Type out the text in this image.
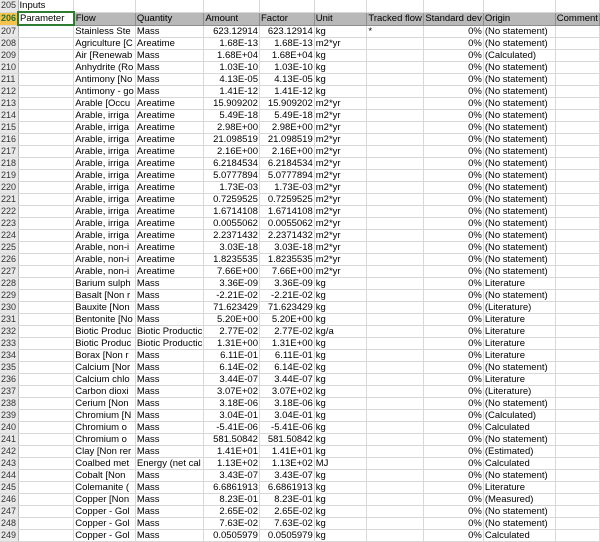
205	Inputs									
206	Parameter	Flow	Quantity	Amount	Factor	Unit	Tracked flow	Standard dev	Origin	Comment
207		Stainless Ste	Mass	623.12914	623.12914	kg	*	0%	(No statement)	
208		Agriculture [C	Areatime	1.68E-13	1.68E-13	m2*yr		0%	(No statement)	
209		Air [Renewab	Mass	1.68E+04	1.68E+04	kg		0%	(Calculated)	
210		Anhydrite (Ro	Mass	1.03E-10	1.03E-10	kg		0%	(No statement)	
211		Antimony [No	Mass	4.13E-05	4.13E-05	kg		0%	(No statement)	
212		Antimony - go	Mass	1.41E-12	1.41E-12	kg		0%	(No statement)	
213		Arable [Occu	Areatime	15.909202	15.909202	m2*yr		0%	(No statement)	
214		Arable, irriga	Areatime	5.49E-18	5.49E-18	m2*yr		0%	(No statement)	
215		Arable, irriga	Areatime	2.98E+00	2.98E+00	m2*yr		0%	(No statement)	
216		Arable, irriga	Areatime	21.098519	21.098519	m2*yr		0%	(No statement)	
217		Arable, irriga	Areatime	2.16E+00	2.16E+00	m2*yr		0%	(No statement)	
218		Arable, irriga	Areatime	6.2184534	6.2184534	m2*yr		0%	(No statement)	
219		Arable, irriga	Areatime	5.0777894	5.0777894	m2*yr		0%	(No statement)	
220		Arable, irriga	Areatime	1.73E-03	1.73E-03	m2*yr		0%	(No statement)	
221		Arable, irriga	Areatime	0.7259525	0.7259525	m2*yr		0%	(No statement)	
222		Arable, irriga	Areatime	1.6714108	1.6714108	m2*yr		0%	(No statement)	
223		Arable, irriga	Areatime	0.0055062	0.0055062	m2*yr		0%	(No statement)	
224		Arable, irriga	Areatime	2.2371432	2.2371432	m2*yr		0%	(No statement)	
225		Arable, non-i	Areatime	3.03E-18	3.03E-18	m2*yr		0%	(No statement)	
226		Arable, non-i	Areatime	1.8235535	1.8235535	m2*yr		0%	(No statement)	
227		Arable, non-i	Areatime	7.66E+00	7.66E+00	m2*yr		0%	(No statement)	
228		Barium sulph	Mass	3.36E-09	3.36E-09	kg		0%	Literature	
229		Basalt [Non r	Mass	-2.21E-02	-2.21E-02	kg		0%	(No statement)	
230		Bauxite [Non	Mass	71.623429	71.623429	kg		0%	(Literature)	
231		Bentonite [No	Mass	5.20E+00	5.20E+00	kg		0%	Literature	
232		Biotic Produc	Biotic Productic	2.77E-02	2.77E-02	kg/a		0%	Literature	
233		Biotic Produc	Biotic Productic	1.31E+00	1.31E+00	kg		0%	Literature	
234		Borax [Non r	Mass	6.11E-01	6.11E-01	kg		0%	Literature	
235		Calcium [Nor	Mass	6.14E-02	6.14E-02	kg		0%	(No statement)	
236		Calcium chlo	Mass	3.44E-07	3.44E-07	kg		0%	Literature	
237		Carbon dioxi	Mass	3.07E+02	3.07E+02	kg		0%	(Literature)	
238		Cerium [Non	Mass	3.18E-06	3.18E-06	kg		0%	(No statement)	
239		Chromium [N	Mass	3.04E-01	3.04E-01	kg		0%	(Calculated)	
240		Chromium o	Mass	-5.41E-06	-5.41E-06	kg		0%	Calculated	
241		Chromium o	Mass	581.50842	581.50842	kg		0%	(No statement)	
242		Clay [Non rer	Mass	1.41E+01	1.41E+01	kg		0%	(Estimated)	
243		Coalbed met	Energy (net cal	1.13E+02	1.13E+02	MJ		0%	Calculated	
244		Cobalt [Non	Mass	3.43E-07	3.43E-07	kg		0%	(No statement)	
245		Colemanite (	Mass	6.6861913	6.6861913	kg		0%	Literature	
246		Copper [Non	Mass	8.23E-01	8.23E-01	kg		0%	(Measured)	
247		Copper - Gol	Mass	2.65E-02	2.65E-02	kg		0%	(No statement)	
248		Copper - Gol	Mass	7.63E-02	7.63E-02	kg		0%	(No statement)	
249		Copper - Gol	Mass	0.0505979	0.0505979	kg		0%	Calculated	
